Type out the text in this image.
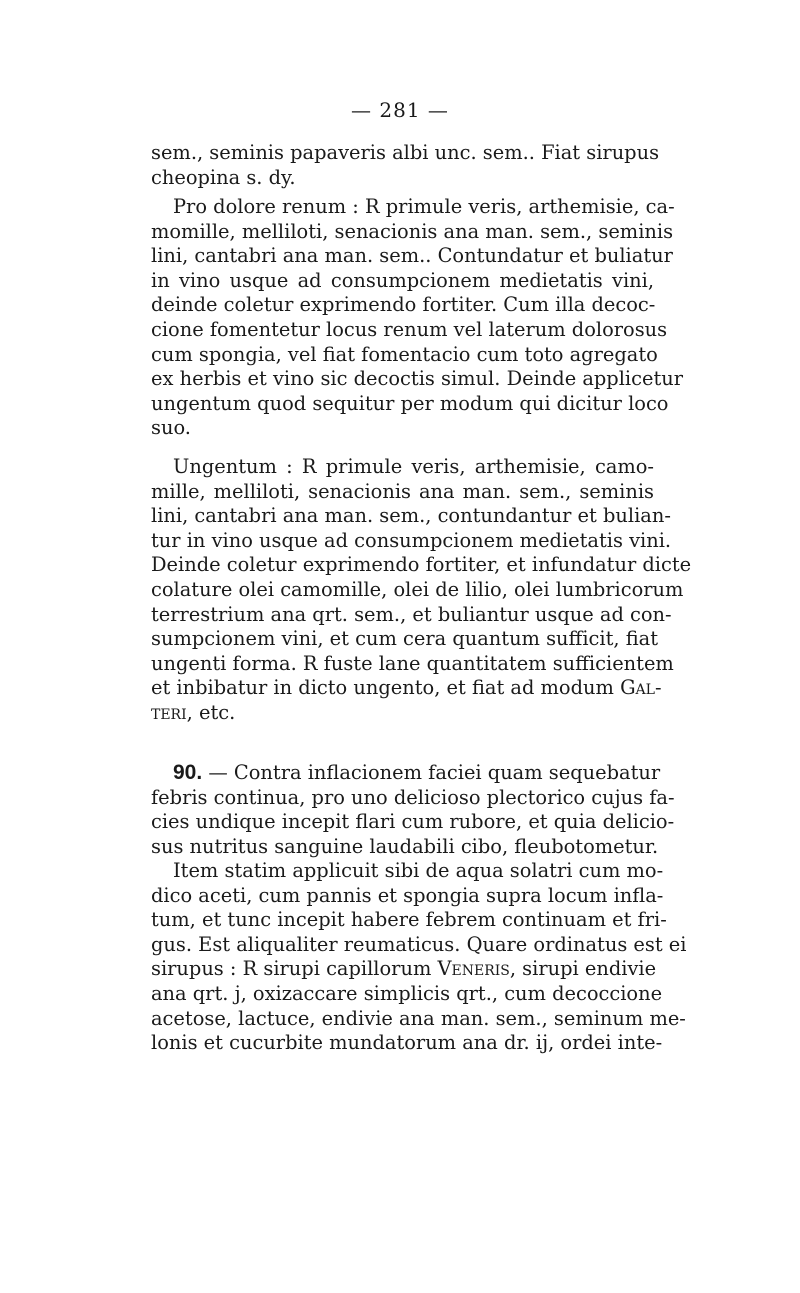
— 281 —
sem., seminis papaveris albi unc. sem.. Fiat sirupus
cheopina s. dy.
Pro dolore renum : R primule veris, arthemisie, ca-
momille, melliloti, senacionis ana man. sem., seminis
lini, cantabri ana man. sem.. Contundatur et buliatur
in vino usque ad consumpcionem medietatis vini,
deinde coletur exprimendo fortiter. Cum illa decoc-
cione fomentetur locus renum vel laterum dolorosus
cum spongia, vel fiat fomentacio cum toto agregato
ex herbis et vino sic decoctis simul. Deinde applicetur
ungentum quod sequitur per modum qui dicitur loco
suo.
Ungentum : R primule veris, arthemisie, camo-
mille, melliloti, senacionis ana man. sem., seminis
lini, cantabri ana man. sem., contundantur et bulian-
tur in vino usque ad consumpcionem medietatis vini.
Deinde coletur exprimendo fortiter, et infundatur dicte
colature olei camomille, olei de lilio, olei lumbricorum
terrestrium ana qrt. sem., et buliantur usque ad con-
sumpcionem vini, et cum cera quantum sufficit, fiat
ungenti forma. R fuste lane quantitatem sufficientem
et inbibatur in dicto ungento, et fiat ad modum Gal-
teri, etc.
90. — Contra inflacionem faciei quam sequebatur
febris continua, pro uno delicioso plectorico cujus fa-
cies undique incepit flari cum rubore, et quia delicio-
sus nutritus sanguine laudabili cibo, fleubotometur.
Item statim applicuit sibi de aqua solatri cum mo-
dico aceti, cum pannis et spongia supra locum infla-
tum, et tunc incepit habere febrem continuam et fri-
gus. Est aliqualiter reumaticus. Quare ordinatus est ei
sirupus : R sirupi capillorum Veneris, sirupi endivie
ana qrt. j, oxizaccare simplicis qrt., cum decoccione
acetose, lactuce, endivie ana man. sem., seminum me-
lonis et cucurbite mundatorum ana dr. ij, ordei inte-
